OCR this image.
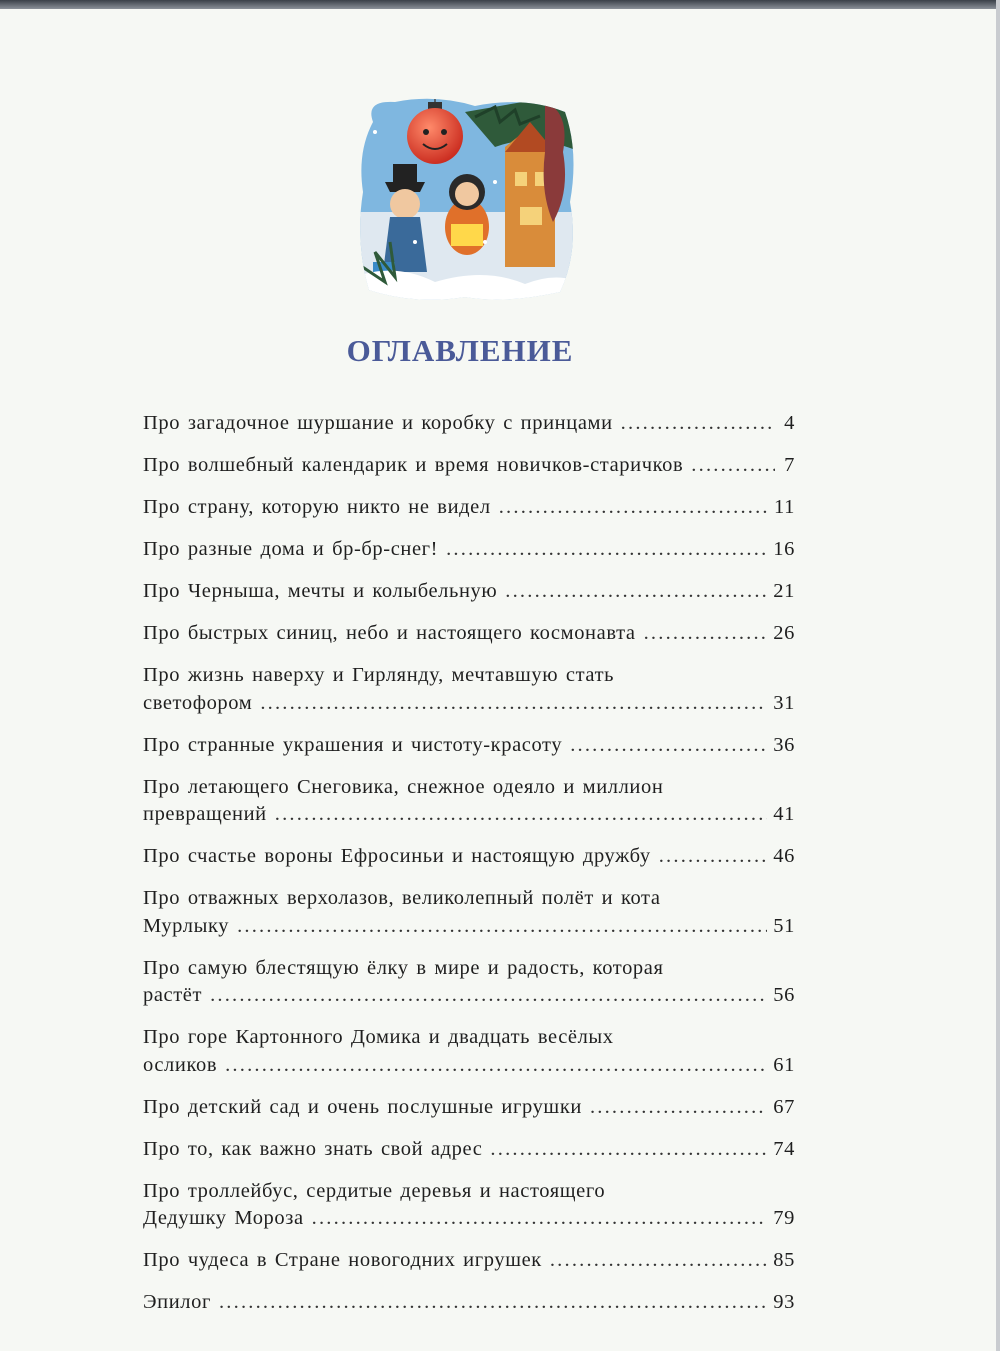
ОГЛАВЛЕНИЕ
Про загадочное шуршание и коробку с принцами .....	4
Про волшебный календарик и время новичков-старичков .....	7
Про страну, которую никто не видел .....	11
Про разные дома и бр-бр-снег! .....	16
Про Черныша, мечты и колыбельную .....	21
Про быстрых синиц, небо и настоящего космонавта .....	26
Про жизнь наверху и Гирлянду, мечтавшую стать
светофором .....	31
Про странные украшения и чистоту-красоту .....	36
Про летающего Снеговика, снежное одеяло и миллион
превращений .....	41
Про счастье вороны Ефросиньи и настоящую дружбу .....	46
Про отважных верхолазов, великолепный полёт и кота
Мурлыку .....	51
Про самую блестящую ёлку в мире и радость, которая
растёт .....	56
Про горе Картонного Домика и двадцать весёлых
осликов .....	61
Про детский сад и очень послушные игрушки .....	67
Про то, как важно знать свой адрес .....	74
Про троллейбус, сердитые деревья и настоящего
Дедушку Мороза .....	79
Про чудеса в Стране новогодних игрушек .....	85
Эпилог .....	93
